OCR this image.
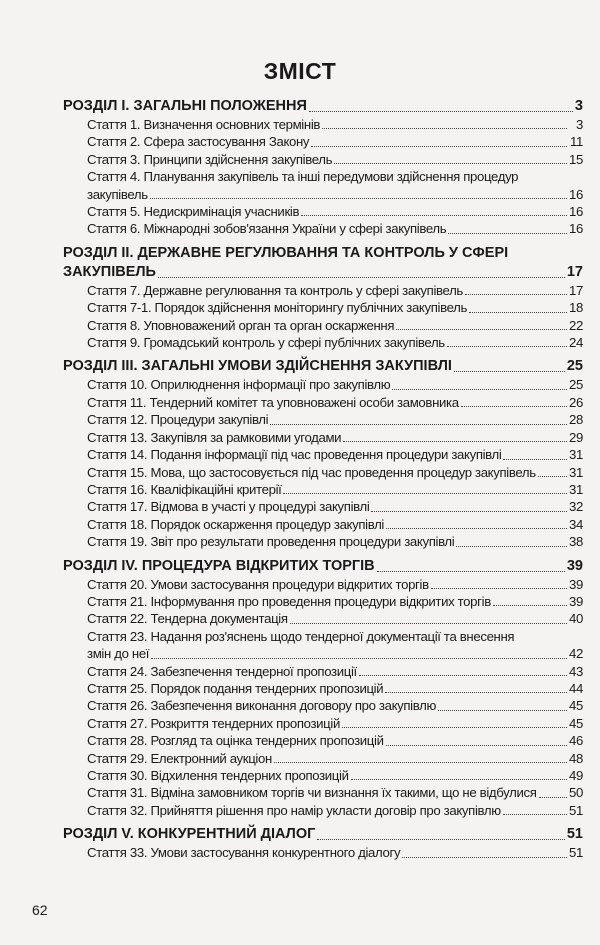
ЗМІСТ
РОЗДІЛ І. ЗАГАЛЬНІ ПОЛОЖЕННЯ	3
Стаття 1. Визначення основних термінів	3
Стаття 2. Сфера застосування Закону	11
Стаття 3. Принципи здійснення закупівель	15
Стаття 4. Планування закупівель та інші передумови здійснення процедур
закупівель	16
Стаття 5. Недискримінація учасників	16
Стаття 6. Міжнародні зобов'язання України у сфері закупівель	16
РОЗДІЛ ІІ. ДЕРЖАВНЕ РЕГУЛЮВАННЯ ТА КОНТРОЛЬ У СФЕРІ
ЗАКУПІВЕЛЬ	17
Стаття 7. Державне регулювання та контроль у сфері закупівель	17
Стаття 7-1. Порядок здійснення моніторингу публічних закупівель	18
Стаття 8. Уповноважений орган та орган оскарження	22
Стаття 9. Громадський контроль у сфері публічних закупівель	24
РОЗДІЛ ІІІ. ЗАГАЛЬНІ УМОВИ ЗДІЙСНЕННЯ ЗАКУПІВЛІ	25
Стаття 10. Оприлюднення інформації про закупівлю	25
Стаття 11. Тендерний комітет та уповноважені особи замовника	26
Стаття 12. Процедури закупівлі	28
Стаття 13. Закупівля за рамковими угодами	29
Стаття 14. Подання інформації під час проведення процедури закупівлі	31
Стаття 15. Мова, що застосовується під час проведення процедур закупівель	31
Стаття 16. Кваліфікаційні критерії	31
Стаття 17. Відмова в участі у процедурі закупівлі	32
Стаття 18. Порядок оскарження процедур закупівлі	34
Стаття 19. Звіт про результати проведення процедури закупівлі	38
РОЗДІЛ IV. ПРОЦЕДУРА ВІДКРИТИХ ТОРГІВ	39
Стаття 20. Умови застосування процедури відкритих торгів	39
Стаття 21. Інформування про проведення процедури відкритих торгів	39
Стаття 22. Тендерна документація	40
Стаття 23. Надання роз'яснень щодо тендерної документації та внесення
змін до неї	42
Стаття 24. Забезпечення тендерної пропозиції	43
Стаття 25. Порядок подання тендерних пропозицій	44
Стаття 26. Забезпечення виконання договору про закупівлю	45
Стаття 27. Розкриття тендерних пропозицій	45
Стаття 28. Розгляд та оцінка тендерних пропозицій	46
Стаття 29. Електронний аукціон	48
Стаття 30. Відхилення тендерних пропозицій	49
Стаття 31. Відміна замовником торгів чи визнання їх такими, що не відбулися 50
Стаття 32. Прийняття рішення про намір укласти договір про закупівлю	51
РОЗДІЛ V. КОНКУРЕНТНИЙ ДІАЛОГ	51
Стаття 33. Умови застосування конкурентного діалогу	51
62
